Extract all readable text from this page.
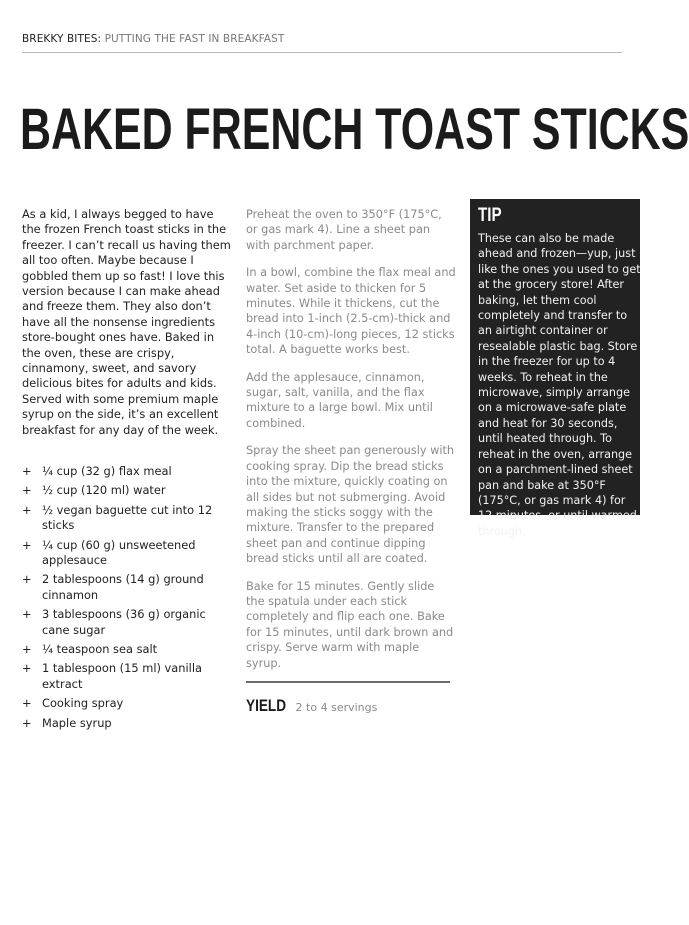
BREKKY BITES: PUTTING THE FAST IN BREAKFAST
BAKED FRENCH TOAST STICKS

As a kid, I always begged to have the frozen French toast sticks in the freezer. I can’t recall us having them all too often. Maybe because I gobbled them up so fast! I love this version because I can make ahead and freeze them. They also don’t have all the nonsense ingredients store-bought ones have. Baked in the oven, these are crispy, cinnamony, sweet, and savory delicious bites for adults and kids. Served with some premium maple syrup on the side, it’s an excellent breakfast for any day of the week.

+ ¼ cup (32 g) flax meal
+ ½ cup (120 ml) water
+ ½ vegan baguette cut into 12 sticks
+ ¼ cup (60 g) unsweetened applesauce
+ 2 tablespoons (14 g) ground cinnamon
+ 3 tablespoons (36 g) organic cane sugar
+ ¼ teaspoon sea salt
+ 1 tablespoon (15 ml) vanilla extract
+ Cooking spray
+ Maple syrup

Preheat the oven to 350°F (175°C, or gas mark 4). Line a sheet pan with parchment paper.

In a bowl, combine the flax meal and water. Set aside to thicken for 5 minutes. While it thickens, cut the bread into 1-inch (2.5-cm)-thick and 4-inch (10-cm)-long pieces, 12 sticks total. A baguette works best.

Add the applesauce, cinnamon, sugar, salt, vanilla, and the flax mixture to a large bowl. Mix until combined.

Spray the sheet pan generously with cooking spray. Dip the bread sticks into the mixture, quickly coating on all sides but not submerging. Avoid making the sticks soggy with the mixture. Transfer to the prepared sheet pan and continue dipping bread sticks until all are coated.

Bake for 15 minutes. Gently slide the spatula under each stick completely and flip each one. Bake for 15 minutes, until dark brown and crispy. Serve warm with maple syrup.

YIELD 2 to 4 servings
TIP

These can also be made ahead and frozen—yup, just like the ones you used to get at the grocery store! After baking, let them cool completely and transfer to an airtight container or resealable plastic bag. Store in the freezer for up to 4 weeks. To reheat in the microwave, simply arrange on a microwave-safe plate and heat for 30 seconds, until heated through. To reheat in the oven, arrange on a parchment-lined sheet pan and bake at 350°F (175°C, or gas mark 4) for 12 minutes, or until warmed through.
